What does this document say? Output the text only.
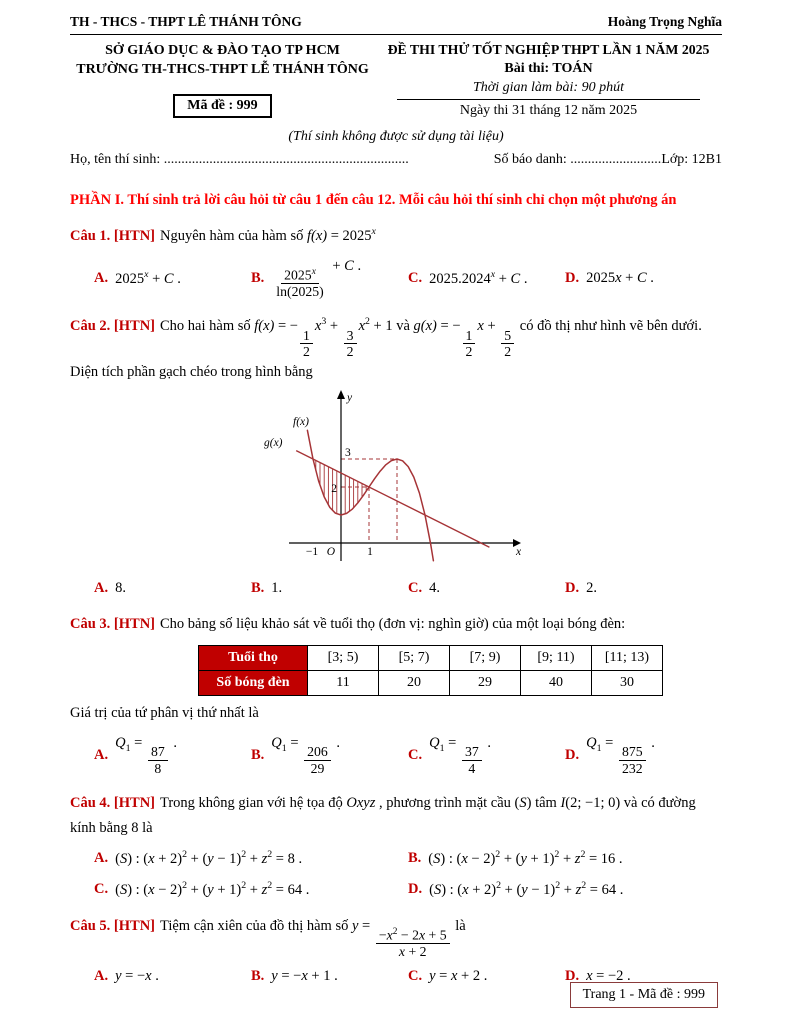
TH - THCS - THPT LÊ THÁNH TÔNG	Hoàng Trọng Nghĩa
SỞ GIÁO DỤC & ĐÀO TẠO TP HCM
TRƯỜNG TH-THCS-THPT LỄ THÁNH TÔNG
Mã đề : 999
ĐỀ THI THỬ TỐT NGHIỆP THPT LẦN 1 NĂM 2025
Bài thi: TOÁN
Thời gian làm bài: 90 phút
Ngày thi 31 tháng 12 năm 2025
(Thí sinh không được sử dụng tài liệu)
Họ, tên thí sinh: ......................................................................	Số báo danh: ..........................Lớp: 12B1
PHẦN I. Thí sinh trả lời câu hỏi từ câu 1 đến câu 12. Mỗi câu hỏi thí sinh chỉ chọn một phương án
Câu 1. [HTN] Nguyên hàm của hàm số $f(x) = 2025^x$
A. $2025^x + C$ .	B. $\frac{2025^x}{\ln(2025)}$
+ C .
C. $2025.2024^x + C$ .	D. 2025x + C .
Câu 2. [HTN] Cho hai hàm số f(x) = −
$\frac{1}{2}$
$x^3$ +
$\frac{3}{2}$
$x^2 + 1$ và g(x) = −
$\frac{1}{2}$
x +
$\frac{5}{2}$
có đồ thị như hình vẽ bên dưới. Diện tích phần gạch chéo trong hình bằng
y
x
O
3
2
1
−1
f(x)
g(x)
A. 8.	B. 1.	C. 4.	D. 2.
Câu 3. [HTN] Cho bảng số liệu khảo sát về tuổi thọ (đơn vị: nghìn giờ) của một loại bóng đèn:
Tuổi thọ	[3; 5)	[5; 7)	[7; 9)	[9; 11)	[11; 13)
Số bóng đèn	11	20	29	40	30
Giá trị của tứ phân vị thứ nhất là
A.
$Q_1$ =
$\frac{87}{8}$
.
B.
$Q_1$ =
$\frac{206}{29}$
.
C.
$Q_1$ =
$\frac{37}{4}$
.
D.
$Q_1$ =
$\frac{875}{232}$
.
Câu 4. [HTN] Trong không gian với hệ tọa độ Oxyz , phương trình mặt cầu (S) tâm I(2; −1; 0) và có đường kính bằng 8 là
A. (S) : $(x + 2)^2 + (y - 1)^2 + z^2 = 8$ .	B. (S) : $(x - 2)^2 + (y + 1)^2 + z^2 = 16$ .
C. (S) : $(x - 2)^2 + (y + 1)^2 + z^2 = 64$ .	D. (S) : $(x + 2)^2 + (y - 1)^2 + z^2 = 64$ .
Câu 5. [HTN] Tiệm cận xiên của đồ thị hàm số y =
$\frac{-x^2 - 2x + 5}{x + 2}$
là
A. y = −x .	B. y = −x + 1 .	C. y = x + 2 .	D. x = −2 .
Trang 1 - Mã đề : 999
